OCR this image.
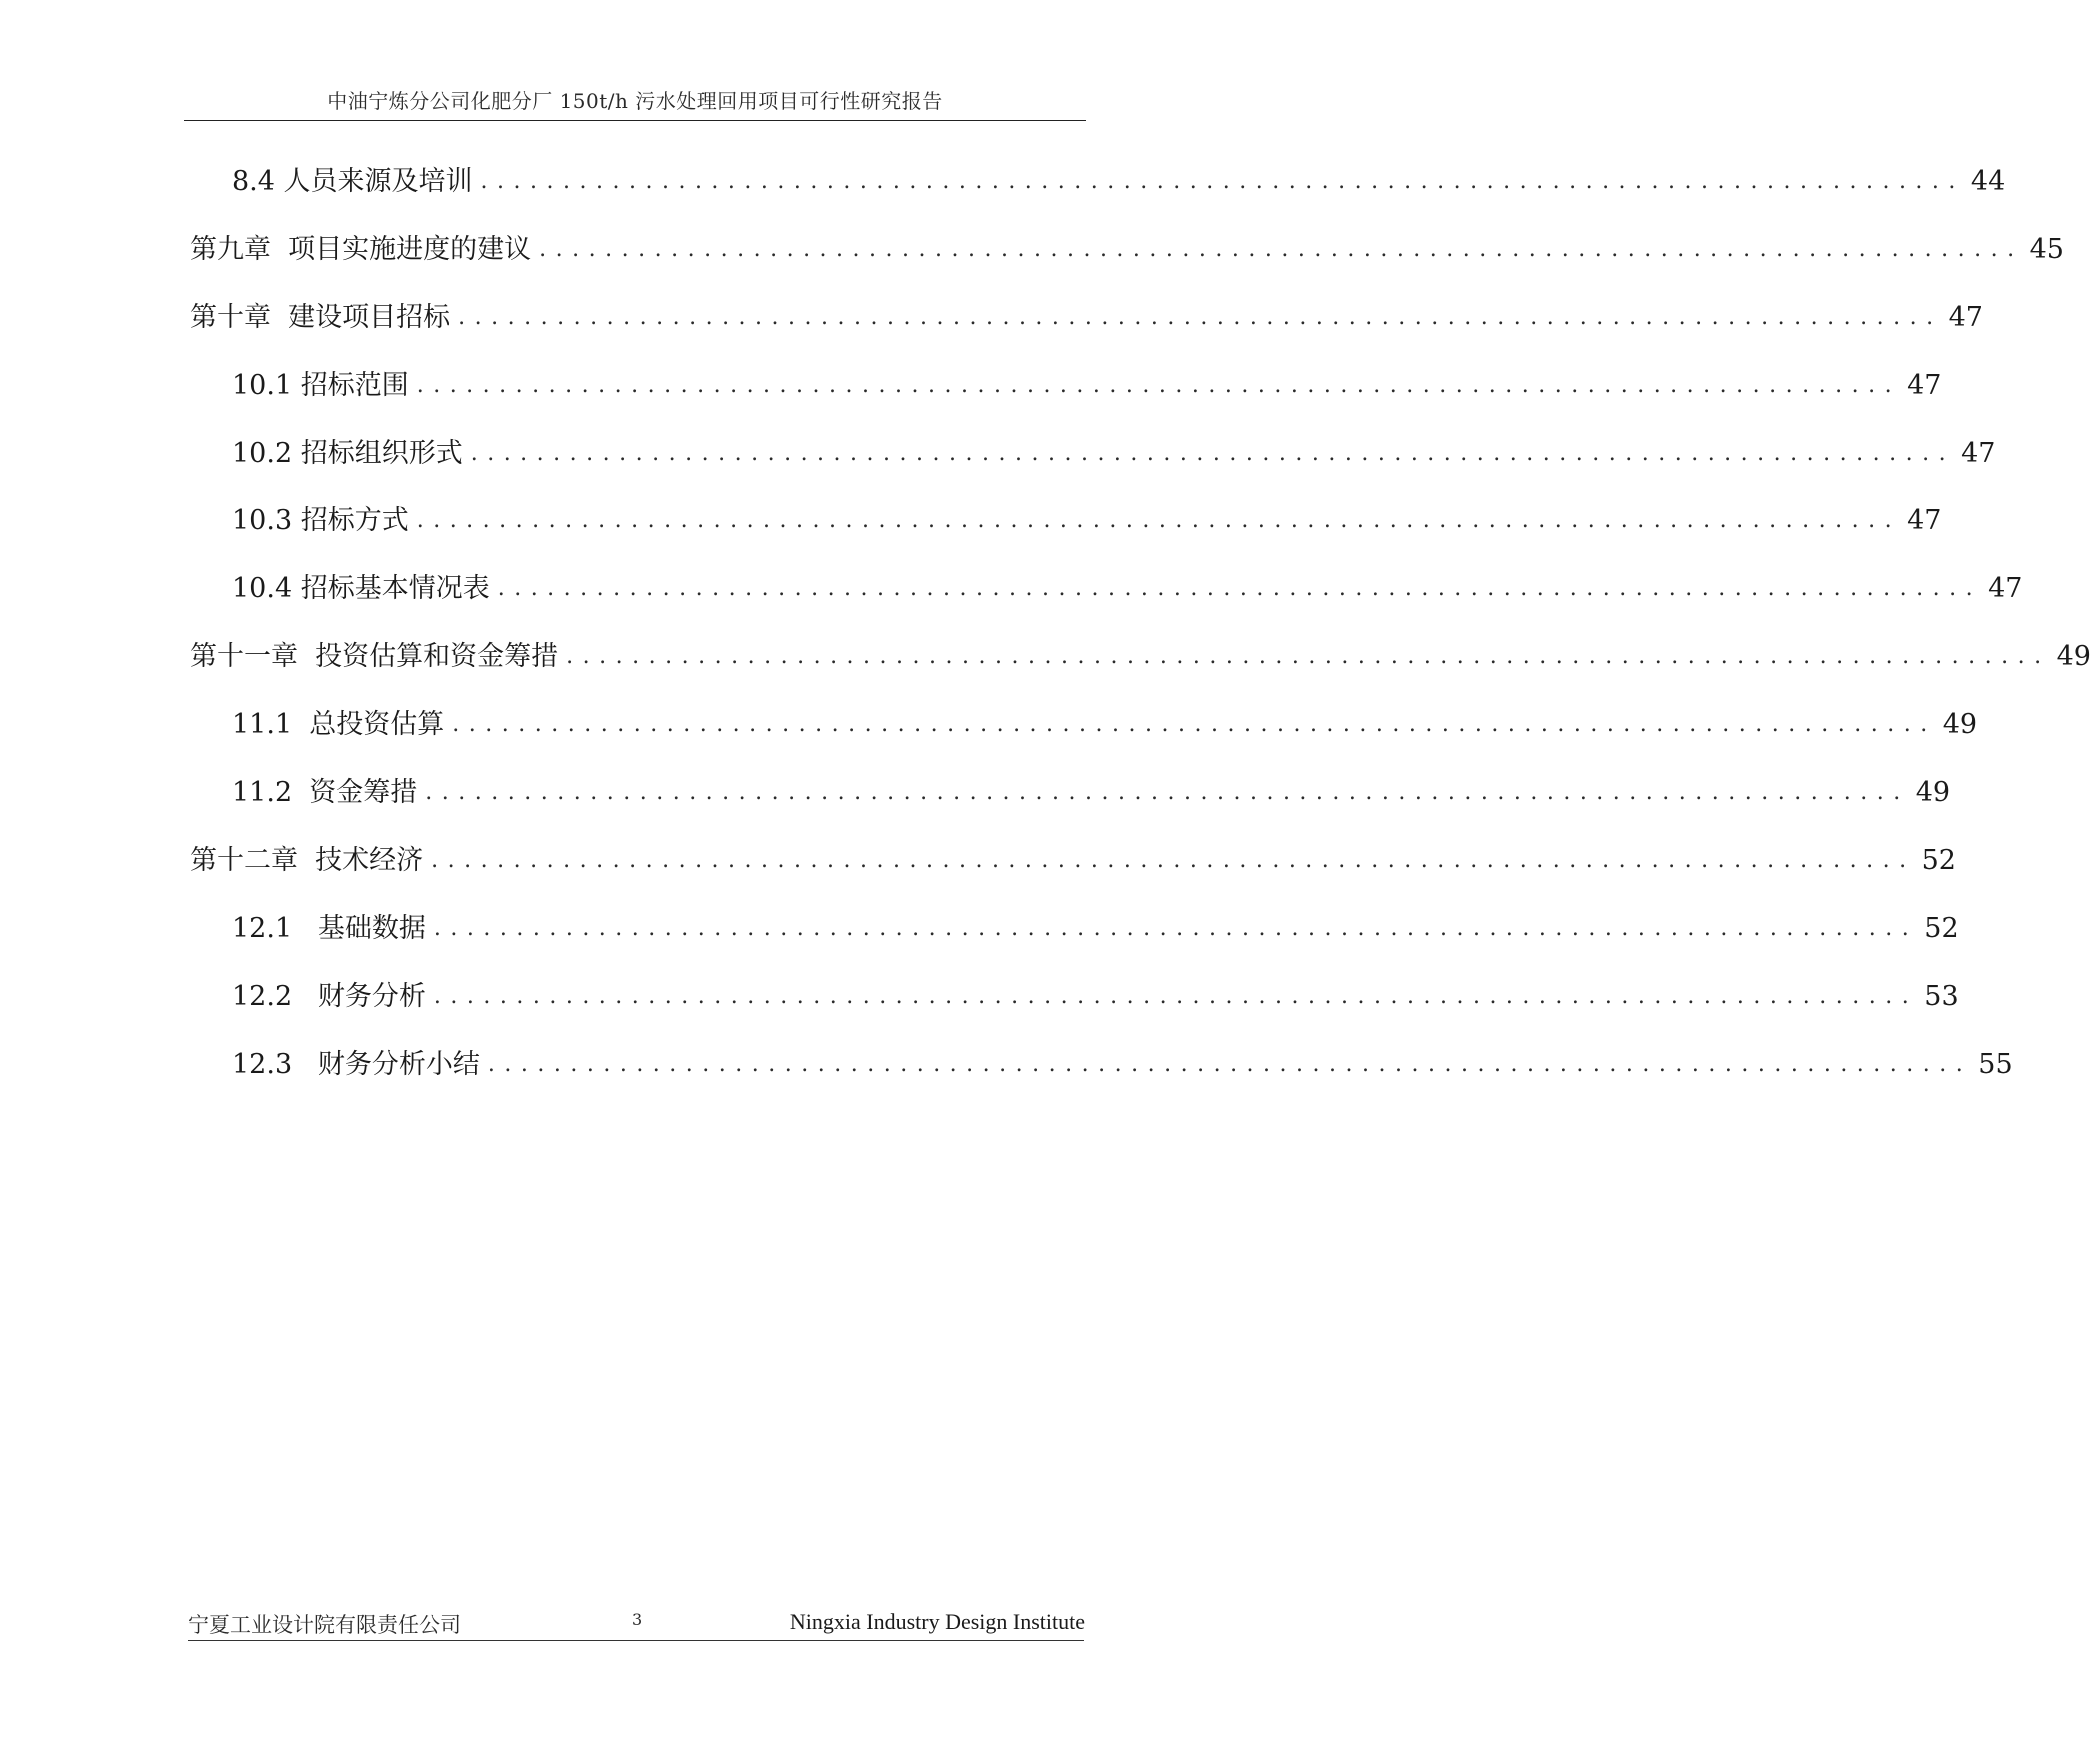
中油宁炼分公司化肥分厂 150t/h 污水处理回用项目可行性研究报告
8.4 人员来源及培训 .......................................................................................... 44
第九章  项目实施进度的建议 .......................................................................................... 45
第十章  建设项目招标 .......................................................................................... 47
10.1 招标范围 .......................................................................................... 47
10.2 招标组织形式 .......................................................................................... 47
10.3 招标方式 .......................................................................................... 47
10.4 招标基本情况表 .......................................................................................... 47
第十一章  投资估算和资金筹措 .......................................................................................... 49
11.1  总投资估算 .......................................................................................... 49
11.2  资金筹措 .......................................................................................... 49
第十二章  技术经济 .......................................................................................... 52
12.1   基础数据 .......................................................................................... 52
12.2   财务分析 .......................................................................................... 53
12.3   财务分析小结 .......................................................................................... 55
宁夏工业设计院有限责任公司	3	Ningxia Industry Design Institute
